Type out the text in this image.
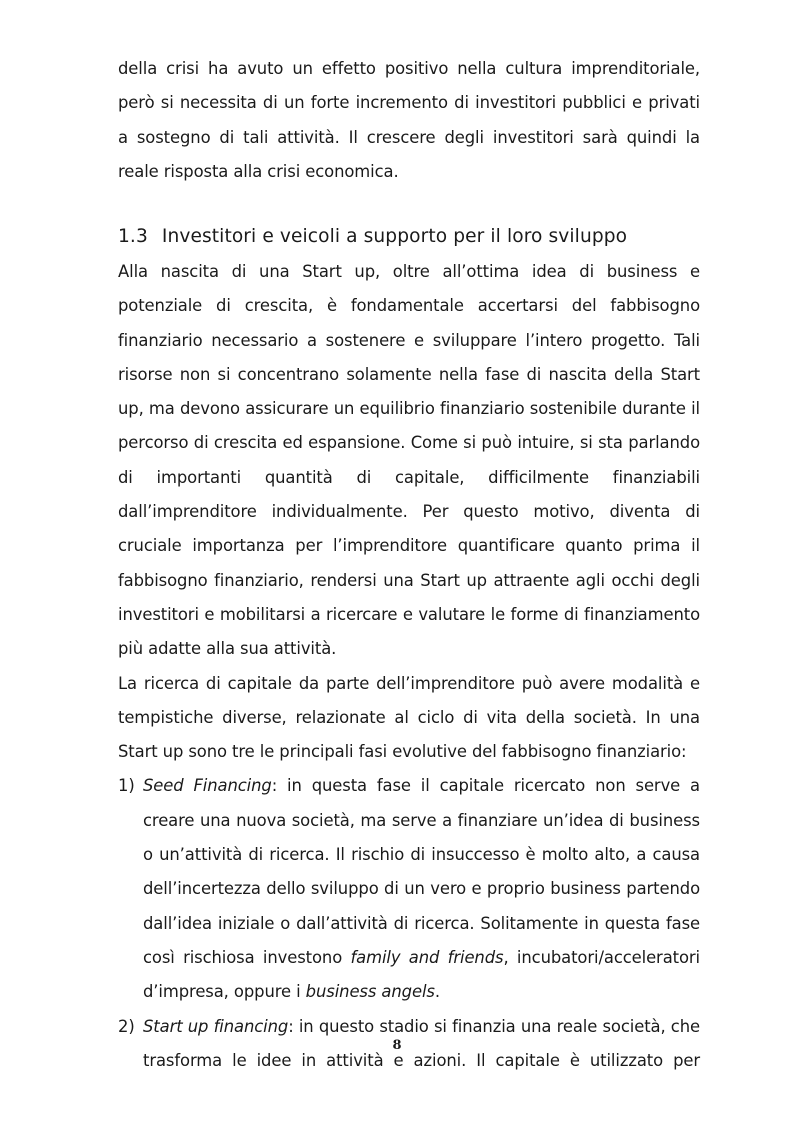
della crisi ha avuto un effetto positivo nella cultura imprenditoriale, però si necessita di un forte incremento di investitori pubblici e privati a sostegno di tali attività. Il crescere degli investitori sarà quindi la reale risposta alla crisi economica.

1.3 Investitori e veicoli a supporto per il loro sviluppo

Alla nascita di una Start up, oltre all’ottima idea di business e potenziale di crescita, è fondamentale accertarsi del fabbisogno finanziario necessario a sostenere e sviluppare l’intero progetto. Tali risorse non si concentrano solamente nella fase di nascita della Start up, ma devono assicurare un equilibrio finanziario sostenibile durante il percorso di crescita ed espansione. Come si può intuire, si sta parlando di importanti quantità di capitale, difficilmente finanziabili dall’imprenditore individualmente. Per questo motivo, diventa di cruciale importanza per l’imprenditore quantificare quanto prima il fabbisogno finanziario, rendersi una Start up attraente agli occhi degli investitori e mobilitarsi a ricercare e valutare le forme di finanziamento più adatte alla sua attività.

La ricerca di capitale da parte dell’imprenditore può avere modalità e tempistiche diverse, relazionate al ciclo di vita della società. In una Start up sono tre le principali fasi evolutive del fabbisogno finanziario:

1) Seed Financing: in questa fase il capitale ricercato non serve a creare una nuova società, ma serve a finanziare un’idea di business o un’attività di ricerca. Il rischio di insuccesso è molto alto, a causa dell’incertezza dello sviluppo di un vero e proprio business partendo dall’idea iniziale o dall’attività di ricerca. Solitamente in questa fase così rischiosa investono family and friends, incubatori/acceleratori d’impresa, oppure i business angels.
2) Start up financing: in questo stadio si finanzia una reale società, che trasforma le idee in attività e azioni. Il capitale è utilizzato per
8
